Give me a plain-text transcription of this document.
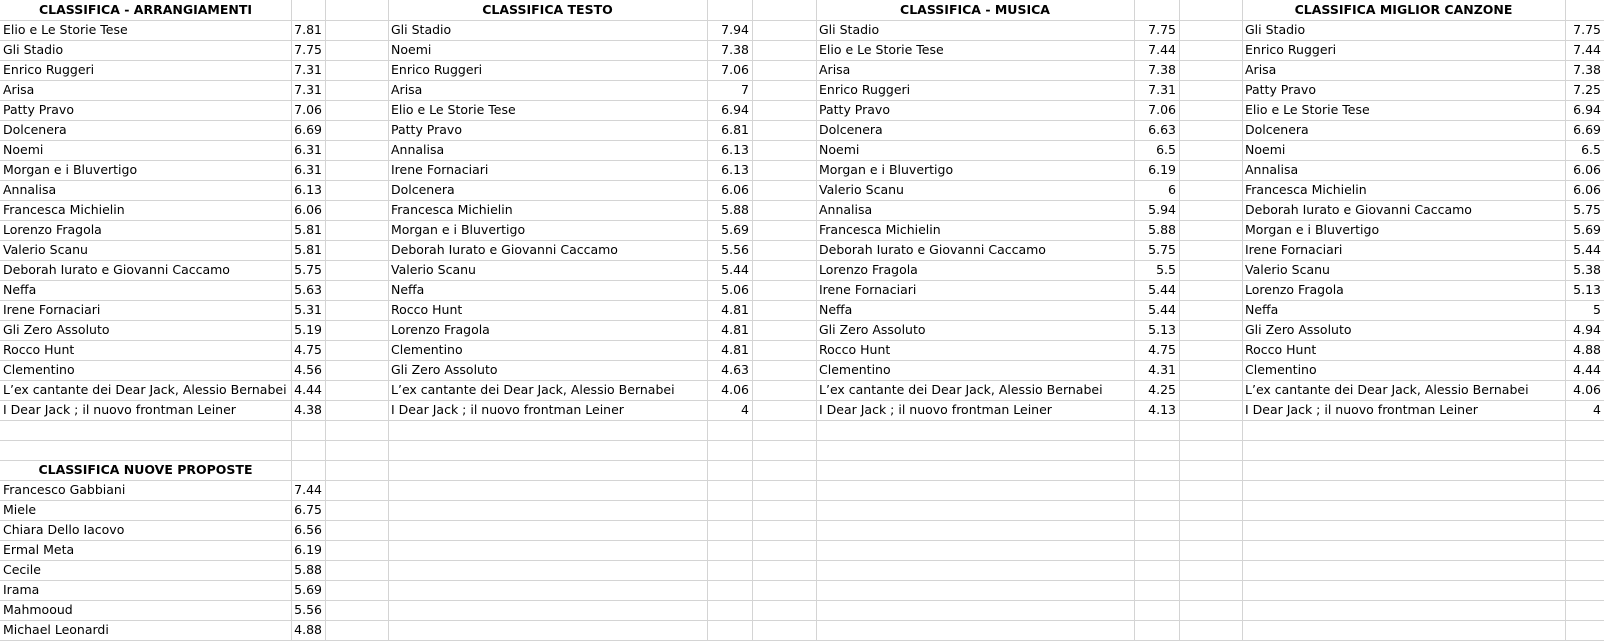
CLASSIFICA - ARRANGIAMENTI
Elio e Le Storie Tese	7.81
Gli Stadio	7.75
Enrico Ruggeri	7.31
Arisa	7.31
Patty Pravo	7.06
Dolcenera	6.69
Noemi	6.31
Morgan e i Bluvertigo	6.31
Annalisa	6.13
Francesca Michielin	6.06
Lorenzo Fragola	5.81
Valerio Scanu	5.81
Deborah Iurato e Giovanni Caccamo	5.75
Neffa	5.63
Irene Fornaciari	5.31
Gli Zero Assoluto	5.19
Rocco Hunt	4.75
Clementino	4.56
L’ex cantante dei Dear Jack, Alessio Bernabei 4.44
I Dear Jack ; il nuovo frontman Leiner	4.38
CLASSIFICA TESTO
Gli Stadio	7.94
Noemi	7.38
Enrico Ruggeri	7.06
Arisa	7
Elio e Le Storie Tese	6.94
Patty Pravo	6.81
Annalisa	6.13
Irene Fornaciari	6.13
Dolcenera	6.06
Francesca Michielin	5.88
Morgan e i Bluvertigo	5.69
Deborah Iurato e Giovanni Caccamo	5.56
Valerio Scanu	5.44
Neffa	5.06
Rocco Hunt	4.81
Lorenzo Fragola	4.81
Clementino	4.81
Gli Zero Assoluto	4.63
L’ex cantante dei Dear Jack, Alessio Bernabei	4.06
I Dear Jack ; il nuovo frontman Leiner	4
CLASSIFICA - MUSICA
Gli Stadio	7.75
Elio e Le Storie Tese	7.44
Arisa	7.38
Enrico Ruggeri	7.31
Patty Pravo	7.06
Dolcenera	6.63
Noemi	6.5
Morgan e i Bluvertigo	6.19
Valerio Scanu	6
Annalisa	5.94
Francesca Michielin	5.88
Deborah Iurato e Giovanni Caccamo	5.75
Lorenzo Fragola	5.5
Irene Fornaciari	5.44
Neffa	5.44
Gli Zero Assoluto	5.13
Rocco Hunt	4.75
Clementino	4.31
L’ex cantante dei Dear Jack, Alessio Bernabei	4.25
I Dear Jack ; il nuovo frontman Leiner	4.13
CLASSIFICA MIGLIOR CANZONE
Gli Stadio	7.75
Enrico Ruggeri	7.44
Arisa	7.38
Patty Pravo	7.25
Elio e Le Storie Tese	6.94
Dolcenera	6.69
Noemi	6.5
Annalisa	6.06
Francesca Michielin	6.06
Deborah Iurato e Giovanni Caccamo	5.75
Morgan e i Bluvertigo	5.69
Irene Fornaciari	5.44
Valerio Scanu	5.38
Lorenzo Fragola	5.13
Neffa	5
Gli Zero Assoluto	4.94
Rocco Hunt	4.88
Clementino	4.44
L’ex cantante dei Dear Jack, Alessio Bernabei	4.06
I Dear Jack ; il nuovo frontman Leiner	4
CLASSIFICA NUOVE PROPOSTE
Francesco Gabbiani	7.44
Miele	6.75
Chiara Dello Iacovo	6.56
Ermal Meta	6.19
Cecile	5.88
Irama	5.69
Mahmooud	5.56
Michael Leonardi	4.88
